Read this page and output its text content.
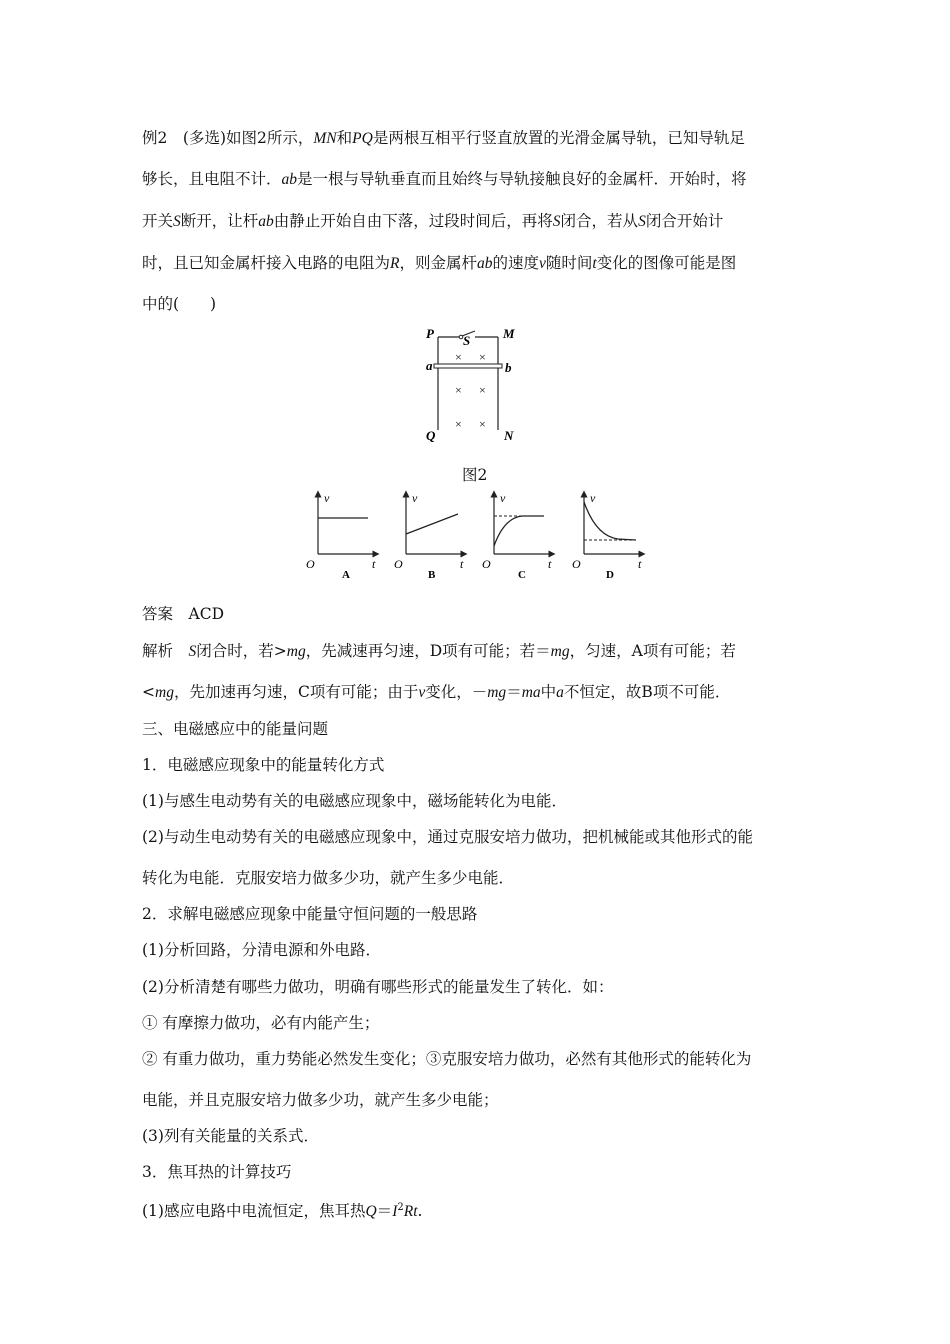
例2　 (多选)如图2所示，MN和PQ是两根互相平行竖直放置的光滑金属导轨，已知导轨足
够长，且电阻不计．ab是一根与导轨垂直而且始终与导轨接触良好的金属杆．开始时，将
开关S断开，让杆ab由静止开始自由下落，过段时间后，再将S闭合，若从S闭合开始计
时，且已知金属杆接入电路的电阻为R，则金属杆ab的速度v随时间t变化的图像可能是图
中的(　　)
P S	M
a	b
Q	N
× ×
× ×
× ×
图2
v
O	t
A
v
O	t
B
v
O	t
C
v
O	t
D
答案　 ACD
解析　 S闭合时，若>mg，先减速再匀速，D项有可能；若＝mg，匀速，A项有可能；若
<mg，先加速再匀速，C项有可能；由于v变化，－mg＝ma中a不恒定，故B项不可能．
三、电磁感应中的能量问题
1．电磁感应现象中的能量转化方式
(1)与感生电动势有关的电磁感应现象中，磁场能转化为电能．
(2)与动生电动势有关的电磁感应现象中，通过克服安培力做功，把机械能或其他形式的能
转化为电能．克服安培力做多少功，就产生多少电能．
2．求解电磁感应现象中能量守恒问题的一般思路
(1)分析回路，分清电源和外电路．
(2)分析清楚有哪些力做功，明确有哪些形式的能量发生了转化．如：
① 有摩擦力做功，必有内能产生；
② 有重力做功，重力势能必然发生变化；③克服安培力做功，必然有其他形式的能转化为
电能，并且克服安培力做多少功，就产生多少电能；
(3)列有关能量的关系式．
3．焦耳热的计算技巧
(1)感应电路中电流恒定，焦耳热$Q=I^2Rt$.
